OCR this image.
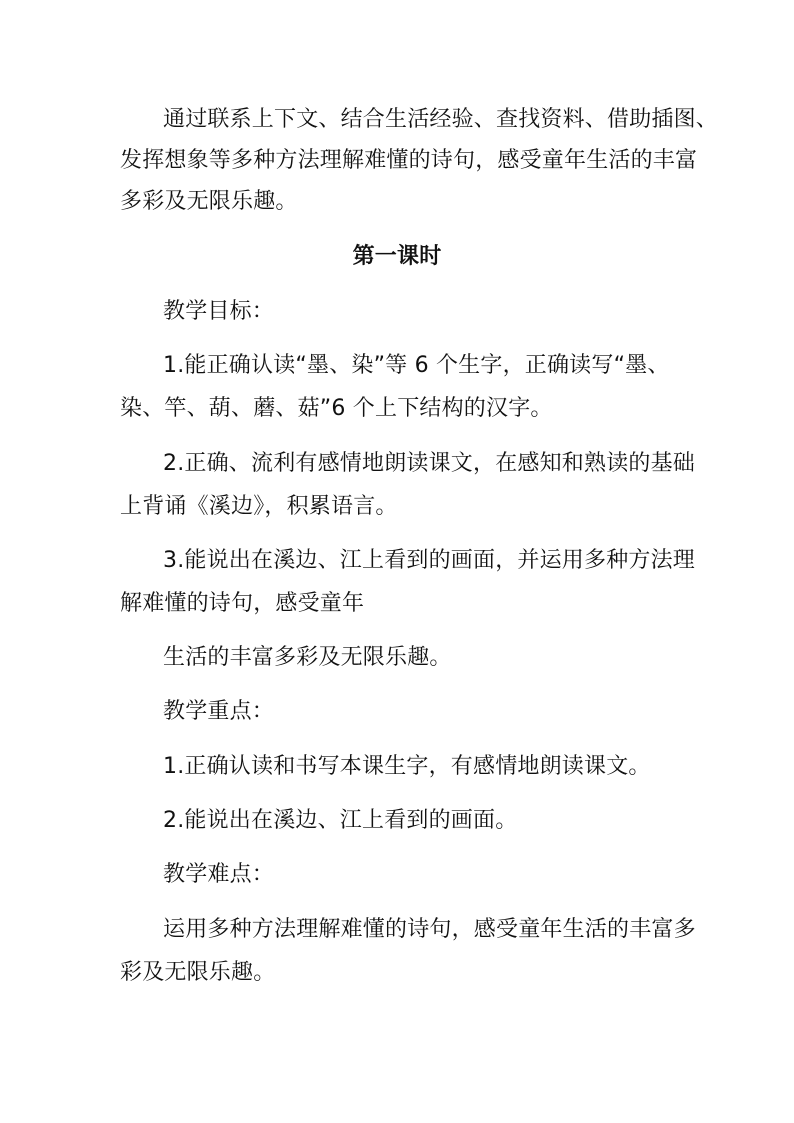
通过联系上下文、结合生活经验、查找资料、借助插图、
发挥想象等多种方法理解难懂的诗句，感受童年生活的丰富
多彩及无限乐趣。
第一课时
教学目标：
1.能正确认读“墨、染”等 6 个生字，正确读写“墨、
染、竿、葫、蘑、菇”6 个上下结构的汉字。
2.正确、流利有感情地朗读课文，在感知和熟读的基础
上背诵《溪边》，积累语言。
3.能说出在溪边、江上看到的画面，并运用多种方法理
解难懂的诗句，感受童年
生活的丰富多彩及无限乐趣。
教学重点：
1.正确认读和书写本课生字，有感情地朗读课文。
2.能说出在溪边、江上看到的画面。
教学难点：
运用多种方法理解难懂的诗句，感受童年生活的丰富多
彩及无限乐趣。
